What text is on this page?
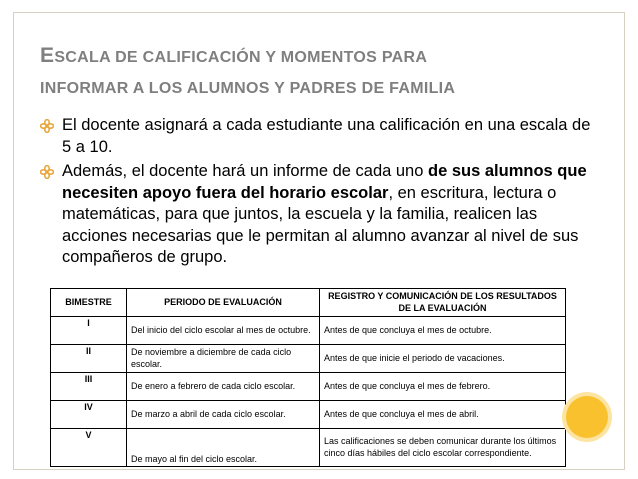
ESCALA DE CALIFICACIÓN Y MOMENTOS PARA
INFORMAR A LOS ALUMNOS Y PADRES DE FAMILIA
El docente asignará a cada estudiante una calificación en una escala de 5 a 10.
Además, el docente hará un informe de cada uno de sus alumnos que necesiten apoyo fuera del horario escolar, en escritura, lectura o matemáticas, para que juntos, la escuela y la familia, realicen las acciones necesarias que le permitan al alumno avanzar al nivel de sus compañeros de grupo.
BIMESTRE	PERIODO DE EVALUACIÓN	REGISTRO Y COMUNICACIÓN DE LOS RESULTADOS DE LA EVALUACIÓN
I	Del inicio del ciclo escolar al mes de octubre.	Antes de que concluya el mes de octubre.
II	De noviembre a diciembre de cada ciclo escolar.	Antes de que inicie el periodo de vacaciones.
III	De enero a febrero de cada ciclo escolar.	Antes de que concluya el mes de febrero.
IV	De marzo a abril de cada ciclo escolar.	Antes de que concluya el mes de abril.
V	De mayo al fin del ciclo escolar.	Las calificaciones se deben comunicar durante los últimos cinco días hábiles del ciclo escolar correspondiente.
